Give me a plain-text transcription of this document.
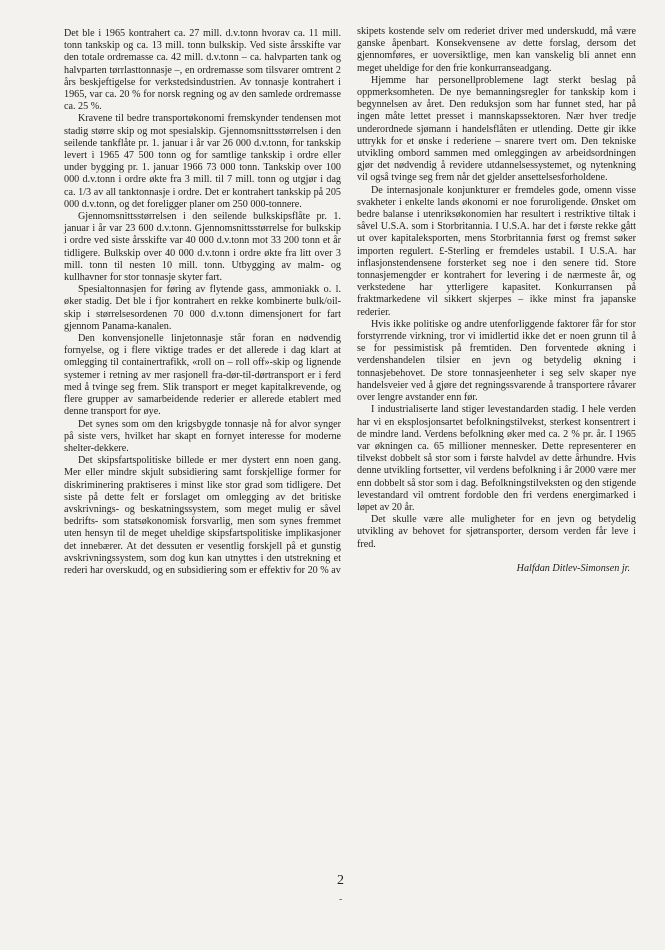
Det ble i 1965 kontrahert ca. 27 mill. d.v.tonn hvorav ca. 11 mill. tonn tankskip og ca. 13 mill. tonn bulkskip. Ved siste årsskifte var den totale ordremasse ca. 42 mill. d.v.tonn – ca. halvparten tank og halvparten tørrlasttonnasje –, en ordremasse som tilsvarer omtrent 2 års beskjeftigelse for verkstedsindustrien. Av tonnasje kontrahert i 1965, var ca. 20 % for norsk regning og av den samlede ordremasse ca. 25 %.

Kravene til bedre transportøkonomi fremskynder tendensen mot stadig større skip og mot spesialskip. Gjennomsnittsstørrelsen i den seilende tankflåte pr. 1. januar i år var 26 000 d.v.tonn, for tankskip levert i 1965 47 500 tonn og for samtlige tankskip i ordre eller under bygging pr. 1. januar 1966 73 000 tonn. Tankskip over 100 000 d.v.tonn i ordre økte fra 3 mill. til 7 mill. tonn og utgjør i dag ca. 1/3 av all tanktonnasje i ordre. Det er kontrahert tankskip på 205 000 d.v.tonn, og det foreligger planer om 250 000-tonnere.

Gjennomsnittsstørrelsen i den seilende bulkskipsflåte pr. 1. januar i år var 23 600 d.v.tonn. Gjennomsnittsstørrelse for bulkskip i ordre ved siste årsskifte var 40 000 d.v.tonn mot 33 200 tonn et år tidligere. Bulkskip over 40 000 d.v.tonn i ordre økte fra litt over 3 mill. tonn til nesten 10 mill. tonn. Utbygging av malm- og kullhavner for stor tonnasje skyter fart.

Spesialtonnasjen for føring av flytende gass, ammoniakk o. l. øker stadig. Det ble i fjor kontrahert en rekke kombinerte bulk/oil-skip i størrelsesordenen 70 000 d.v.tonn dimensjonert for fart gjennom Panama-kanalen.

Den konvensjonelle linjetonnasje står foran en nødvendig fornyelse, og i flere viktige trades er det allerede i dag klart at omlegging til containertrafikk, «roll on – roll off»-skip og lignende systemer i retning av mer rasjonell fra-dør-til-dørtransport er i ferd med å tvinge seg frem. Slik transport er meget kapitalkrevende, og flere grupper av samarbeidende rederier er allerede etablert med denne transport for øye.

Det synes som om den krigsbygde tonnasje nå for alvor synger på siste vers, hvilket har skapt en fornyet interesse for moderne shelter-dekkere.

Det skipsfartspolitiske billede er mer dystert enn noen gang. Mer eller mindre skjult subsidiering samt forskjellige former for diskriminering praktiseres i minst like stor grad som tidligere. Det siste på dette felt er forslaget om omlegging av det britiske avskrivnings- og beskatningssystem, som meget mulig er såvel bedrifts- som statsøkonomisk forsvarlig, men som synes fremmet uten hensyn til de meget uheldige skipsfartspolitiske implikasjoner det innebærer. At det dessuten er vesentlig forskjell på et gunstig avskrivningssystem, som dog kun kan utnyttes i den utstrekning et rederi har overskudd, og en subsidiering som er effektiv for 20 % av

skipets kostende selv om rederiet driver med underskudd, må være ganske åpenbart. Konsekvensene av dette forslag, dersom det gjennomføres, er uoversiktlige, men kan vanskelig bli annet enn meget uheldige for den frie konkurranseadgang.

Hjemme har personellproblemene lagt sterkt beslag på oppmerksomheten. De nye bemanningsregler for tankskip kom i begynnelsen av året. Den reduksjon som har funnet sted, har på ingen måte lettet presset i mannskapssektoren. Nær hver tredje underordnede sjømann i handelsflåten er utlending. Dette gir ikke uttrykk for et ønske i rederiene – snarere tvert om. Den tekniske utvikling ombord sammen med omleggingen av arbeidsordningen gjør det nødvendig å revidere utdannelsessystemet, og nytenkning vil også tvinge seg frem når det gjelder ansettelsesforholdene.

De internasjonale konjunkturer er fremdeles gode, omenn visse svakheter i enkelte lands økonomi er noe foruroligende. Ønsket om bedre balanse i utenriksøkonomien har resultert i restriktive tiltak i såvel U.S.A. som i Storbritannia. I U.S.A. har det i første rekke gått ut over kapitaleksporten, mens Storbritannia først og fremst søker importen regulert. £-Sterling er fremdeles ustabil. I U.S.A. har inflasjonstendensene forsterket seg noe i den senere tid. Store tonnasjemengder er kontrahert for levering i de nærmeste år, og verkstedene har ytterligere kapasitet. Konkurransen på fraktmarkedene vil sikkert skjerpes – ikke minst fra japanske rederier.

Hvis ikke politiske og andre utenforliggende faktorer får for stor forstyrrende virkning, tror vi imidlertid ikke det er noen grunn til å se for pessimistisk på fremtiden. Den forventede økning i verdenshandelen tilsier en jevn og betydelig økning i tonnasjebehovet. De store tonnasjeenheter i seg selv skaper nye handelsveier ved å gjøre det regningssvarende å transportere råvarer over lengre avstander enn før.

I industrialiserte land stiger levestandarden stadig. I hele verden har vi en eksplosjonsartet befolkningstilvekst, sterkest konsentrert i de mindre land. Verdens befolkning øker med ca. 2 % pr. år. I 1965 var økningen ca. 65 millioner mennesker. Dette representerer en tilvekst dobbelt så stor som i første halvdel av dette århundre. Hvis denne utvikling fortsetter, vil verdens befolkning i år 2000 være mer enn dobbelt så stor som i dag. Befolkningstilveksten og den stigende levestandard vil omtrent fordoble den fri verdens energimarked i løpet av 20 år.

Det skulle være alle muligheter for en jevn og betydelig utvikling av behovet for sjøtransporter, dersom verden får leve i fred.

Halfdan Ditlev-Simonsen jr.
2
-
